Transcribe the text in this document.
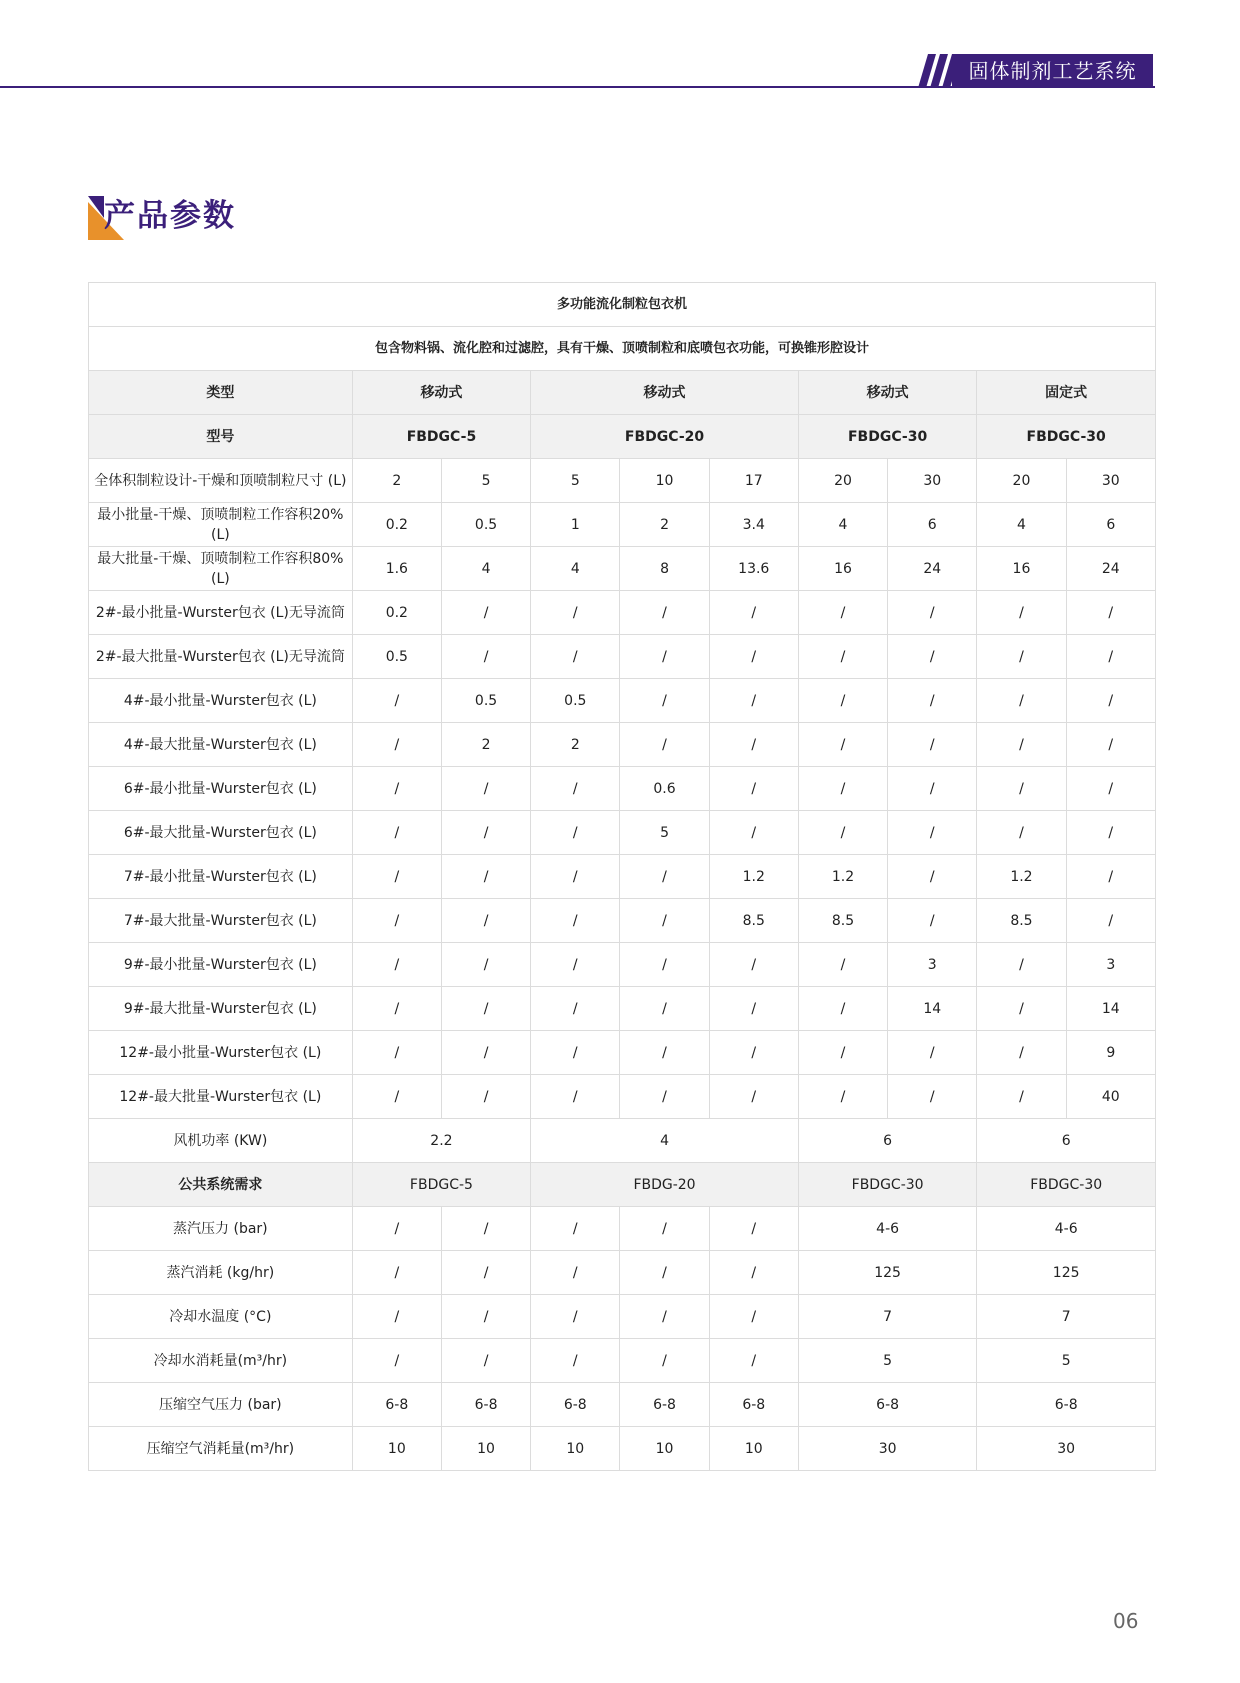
固体制剂工艺系统
产品参数
多功能流化制粒包衣机									
包含物料锅、流化腔和过滤腔，具有干燥、顶喷制粒和底喷包衣功能，可换锥形腔设计									
类型	移动式		移动式			移动式		固定式	
型号	FBDGC-5		FBDGC-20			FBDGC-30		FBDGC-30	
全体积制粒设计-干燥和顶喷制粒尺寸 (L)	2	5	5	10	17	20	30	20	30
最小批量-干燥、顶喷制粒工作容积20%(L)	0.2	0.5	1	2	3.4	4	6	4	6
最大批量-干燥、顶喷制粒工作容积80%(L)	1.6	4	4	8	13.6	16	24	16	24
2#-最小批量-Wurster包衣 (L)无导流筒	0.2	/	/	/	/	/	/	/	/
2#-最大批量-Wurster包衣 (L)无导流筒	0.5	/	/	/	/	/	/	/	/
4#-最小批量-Wurster包衣 (L)	/	0.5	0.5	/	/	/	/	/	/
4#-最大批量-Wurster包衣 (L)	/	2	2	/	/	/	/	/	/
6#-最小批量-Wurster包衣 (L)	/	/	/	0.6	/	/	/	/	/
6#-最大批量-Wurster包衣 (L)	/	/	/	5	/	/	/	/	/
7#-最小批量-Wurster包衣 (L)	/	/	/	/	1.2	1.2	/	1.2	/
7#-最大批量-Wurster包衣 (L)	/	/	/	/	8.5	8.5	/	8.5	/
9#-最小批量-Wurster包衣 (L)	/	/	/	/	/	/	3	/	3
9#-最大批量-Wurster包衣 (L)	/	/	/	/	/	/	14	/	14
12#-最小批量-Wurster包衣 (L)	/	/	/	/	/	/	/	/	9
12#-最大批量-Wurster包衣 (L)	/	/	/	/	/	/	/	/	40
风机功率 (KW)	2.2		4			6		6	
公共系统需求	FBDGC-5		FBDG-20			FBDGC-30		FBDGC-30	
蒸汽压力 (bar)	/	/	/	/	/	4-6		4-6	
蒸汽消耗 (kg/hr)	/	/	/	/	/	125		125	
冷却水温度 (°C)	/	/	/	/	/	7		7	
冷却水消耗量(m³/hr)	/	/	/	/	/	5		5	
压缩空气压力 (bar)	6-8	6-8	6-8	6-8	6-8	6-8		6-8	
压缩空气消耗量(m³/hr)	10	10	10	10	10	30		30	
06
